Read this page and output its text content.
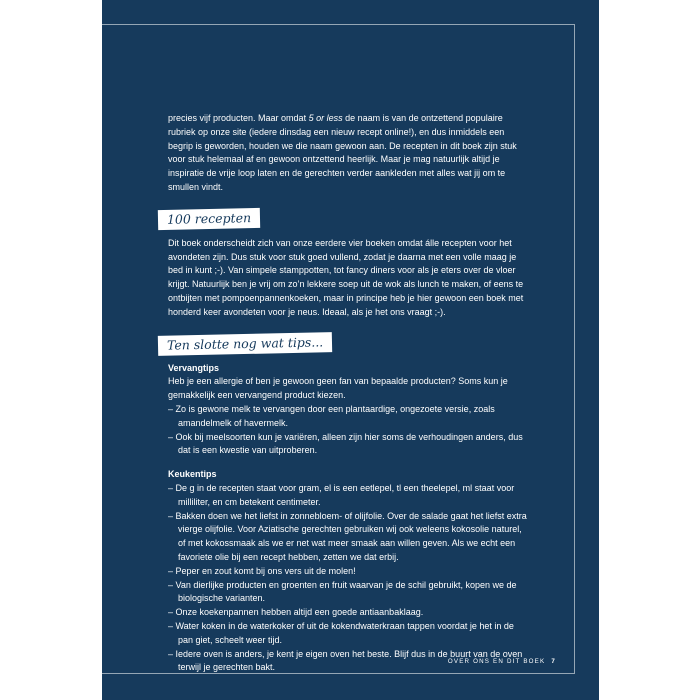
precies vijf producten. Maar omdat 5 or less de naam is van de ontzettend populaire rubriek op onze site (iedere dinsdag een nieuw recept online!), en dus inmiddels een begrip is geworden, houden we die naam gewoon aan. De recepten in dit boek zijn stuk voor stuk helemaal af en gewoon ontzettend heerlijk. Maar je mag natuurlijk altijd je inspiratie de vrije loop laten en de gerechten verder aankleden met alles wat jij om te smullen vindt.

100 recepten

Dit boek onderscheidt zich van onze eerdere vier boeken omdat álle recepten voor het avondeten zijn. Dus stuk voor stuk goed vullend, zodat je daarna met een volle maag je bed in kunt ;-). Van simpele stamppotten, tot fancy diners voor als je eters over de vloer krijgt. Natuurlijk ben je vrij om zo’n lekkere soep uit de wok als lunch te maken, of eens te ontbijten met pompoenpannenkoeken, maar in principe heb je hier gewoon een boek met honderd keer avondeten voor je neus. Ideaal, als je het ons vraagt ;-).

Ten slotte nog wat tips...
Vervangtips

Heb je een allergie of ben je gewoon geen fan van bepaalde producten? Soms kun je gemakkelijk een vervangend product kiezen.

– Zo is gewone melk te vervangen door een plantaardige, ongezoete versie, zoals amandelmelk of havermelk.
– Ook bij meelsoorten kun je variëren, alleen zijn hier soms de verhoudingen anders, dus dat is een kwestie van uitproberen.
Keukentips
– De g in de recepten staat voor gram, el is een eetlepel, tl een theelepel, ml staat voor milliliter, en cm betekent centimeter.
– Bakken doen we het liefst in zonnebloem- of olijfolie. Over de salade gaat het liefst extra vierge olijfolie. Voor Aziatische gerechten gebruiken wij ook weleens kokosolie naturel, of met kokossmaak als we er net wat meer smaak aan willen geven. Als we echt een favoriete olie bij een recept hebben, zetten we dat erbij.
– Peper en zout komt bij ons vers uit de molen!
– Van dierlijke producten en groenten en fruit waarvan je de schil gebruikt, kopen we de biologische varianten.
– Onze koekenpannen hebben altijd een goede antiaanbaklaag.
– Water koken in de waterkoker of uit de kokendwaterkraan tappen voordat je het in de pan giet, scheelt weer tijd.
– Iedere oven is anders, je kent je eigen oven het beste. Blijf dus in de buurt van de oven terwijl je gerechten bakt.
OVER ONS EN DIT BOEK 7
